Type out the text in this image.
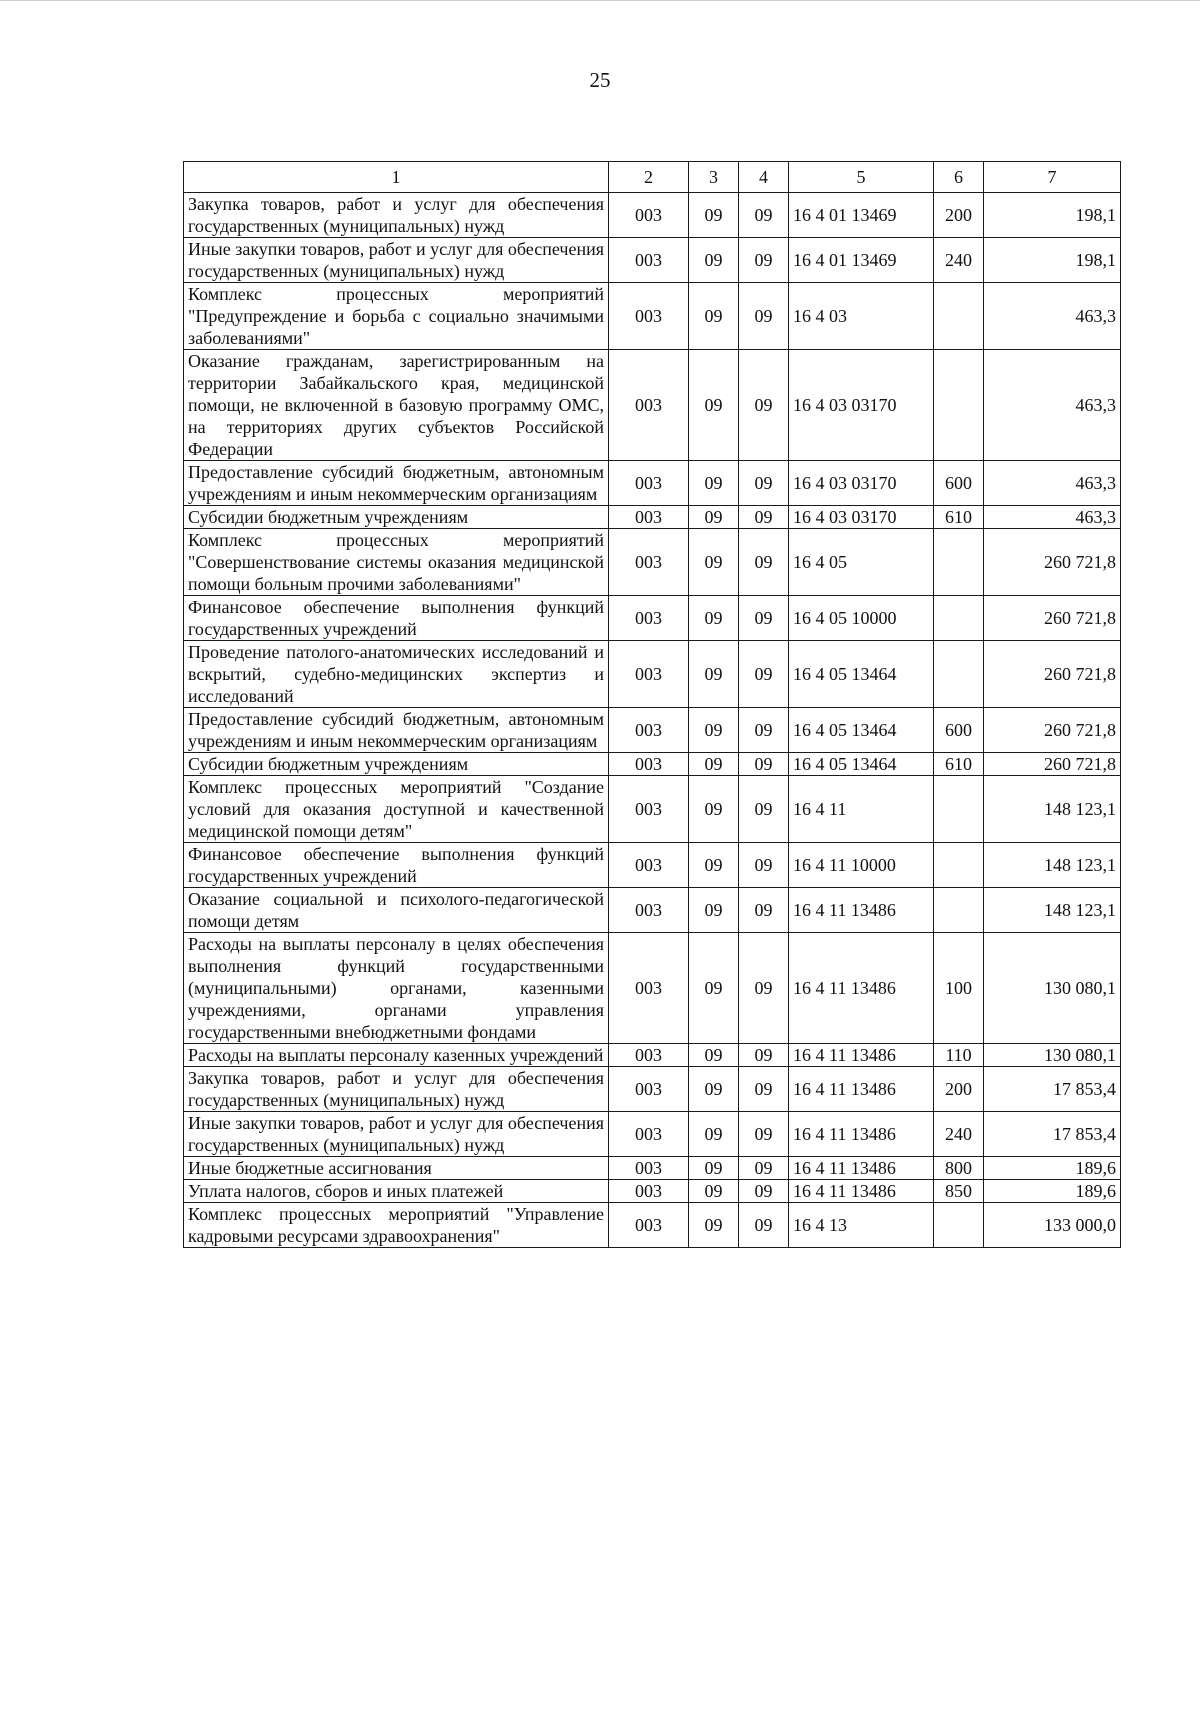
25
1	2	3	4	5	6	7
Закупка товаров, работ и услуг для обеспечения государственных (муниципальных) нужд	003	09	09	16 4 01 13469	200	198,1
Иные закупки товаров, работ и услуг для обеспечения государственных (муниципальных) нужд	003	09	09	16 4 01 13469	240	198,1
Комплекс процессных мероприятий "Предупреждение и борьба с социально значимыми заболеваниями"	003	09	09	16 4 03		463,3
Оказание гражданам, зарегистрированным на территории Забайкальского края, медицинской помощи, не включенной в базовую программу ОМС, на территориях других субъектов Российской Федерации	003	09	09	16 4 03 03170		463,3
Предоставление субсидий бюджетным, автономным учреждениям и иным некоммерческим организациям	003	09	09	16 4 03 03170	600	463,3
Субсидии бюджетным учреждениям	003	09	09	16 4 03 03170	610	463,3
Комплекс процессных мероприятий "Совершенствование системы оказания медицинской помощи больным прочими заболеваниями"	003	09	09	16 4 05		260 721,8
Финансовое обеспечение выполнения функций государственных учреждений	003	09	09	16 4 05 10000		260 721,8
Проведение патолого-анатомических исследований и вскрытий, судебно-медицинских экспертиз и исследований	003	09	09	16 4 05 13464		260 721,8
Предоставление субсидий бюджетным, автономным учреждениям и иным некоммерческим организациям	003	09	09	16 4 05 13464	600	260 721,8
Субсидии бюджетным учреждениям	003	09	09	16 4 05 13464	610	260 721,8
Комплекс процессных мероприятий "Создание условий для оказания доступной и качественной медицинской помощи детям"	003	09	09	16 4 11		148 123,1
Финансовое обеспечение выполнения функций государственных учреждений	003	09	09	16 4 11 10000		148 123,1
Оказание социальной и психолого-педагогической помощи детям	003	09	09	16 4 11 13486		148 123,1
Расходы на выплаты персоналу в целях обеспечения выполнения функций государственными (муниципальными) органами, казенными учреждениями, органами управления государственными внебюджетными фондами	003	09	09	16 4 11 13486	100	130 080,1
Расходы на выплаты персоналу казенных учреждений	003	09	09	16 4 11 13486	110	130 080,1
Закупка товаров, работ и услуг для обеспечения государственных (муниципальных) нужд	003	09	09	16 4 11 13486	200	17 853,4
Иные закупки товаров, работ и услуг для обеспечения государственных (муниципальных) нужд	003	09	09	16 4 11 13486	240	17 853,4
Иные бюджетные ассигнования	003	09	09	16 4 11 13486	800	189,6
Уплата налогов, сборов и иных платежей	003	09	09	16 4 11 13486	850	189,6
Комплекс процессных мероприятий "Управление кадровыми ресурсами здравоохранения"	003	09	09	16 4 13		133 000,0
